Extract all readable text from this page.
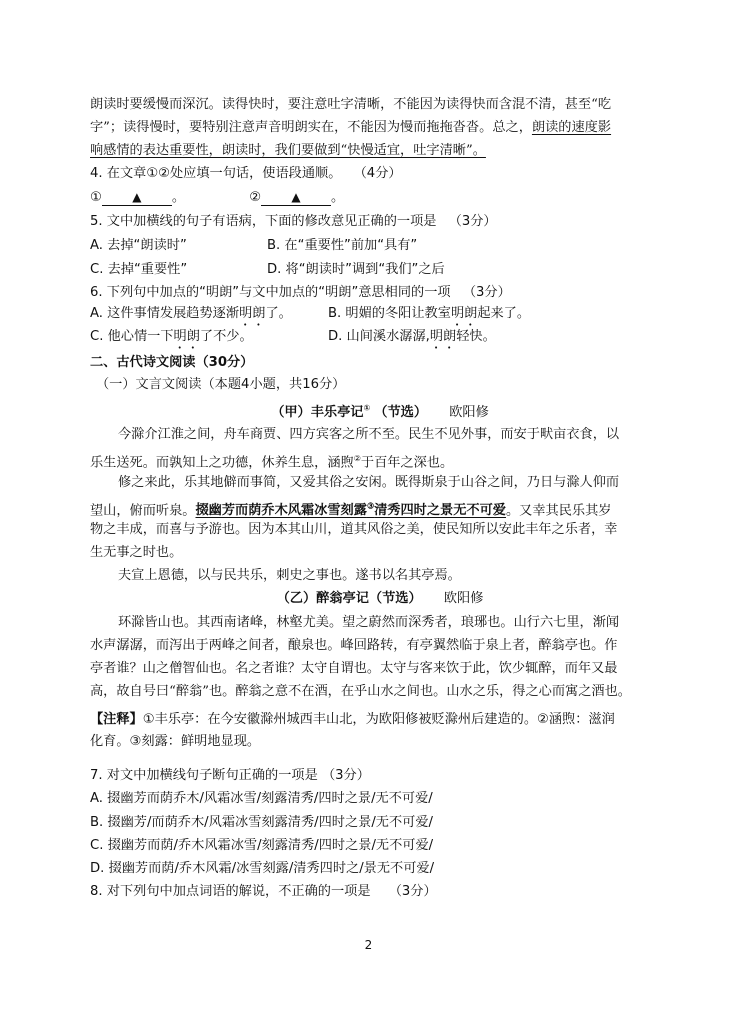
朗读时要缓慢而深沉。读得快时，要注意吐字清晰，不能因为读得快而含混不清，甚至“吃
字”；读得慢时，要特别注意声音明朗实在，不能因为慢而拖拖沓沓。总之，朗读的速度影
响感情的表达重要性，朗读时，我们要做到“快慢适宜，吐字清晰”。
4. 在文章①②处应填一句话，使语段通顺。 （4分）
①	▲ 。	②	▲ 。
5. 文中加横线的句子有语病，下面的修改意见正确的一项是 （3分）
A. 去掉“朗读时”	B. 在“重要性”前加“具有”
C. 去掉“重要性”	D. 将“朗读时”调到“我们”之后
6. 下列句中加点的“明朗”与文中加点的“明朗”意思相同的一项 （3分）
A. 这件事情发展趋势逐渐明朗了。	B. 明媚的冬阳让教室明朗起来了。
C. 他心情一下明朗了不少。	D. 山间溪水潺潺,明朗轻快。
二、古代诗文阅读（30分）
（一）文言文阅读（本题4小题，共16分）
（甲）丰乐亭记① （节选） 欧阳修
今滁介江淮之间，舟车商贾、四方宾客之所不至。民生不见外事，而安于畎亩衣食，以
乐生送死。而孰知上之功德，休养生息，涵煦②于百年之深也。
修之来此，乐其地僻而事简，又爱其俗之安闲。既得斯泉于山谷之间，乃日与滁人仰而
望山，俯而听泉。掇幽芳而荫乔木风霜冰雪刻露③清秀四时之景无不可爱。又幸其民乐其岁
物之丰成，而喜与予游也。因为本其山川，道其风俗之美，使民知所以安此丰年之乐者，幸
生无事之时也。
夫宣上恩德，以与民共乐，刺史之事也。遂书以名其亭焉。
（乙）醉翁亭记（节选） 欧阳修
环滁皆山也。其西南诸峰，林壑尤美。望之蔚然而深秀者，琅琊也。山行六七里，渐闻
水声潺潺，而泻出于两峰之间者，酿泉也。峰回路转，有亭翼然临于泉上者，醉翁亭也。作
亭者谁？山之僧智仙也。名之者谁？太守自谓也。太守与客来饮于此，饮少辄醉，而年又最
高，故自号曰“醉翁”也。醉翁之意不在酒，在乎山水之间也。山水之乐，得之心而寓之酒也。
【注释】①丰乐亭：在今安徽滁州城西丰山北，为欧阳修被贬滁州后建造的。②涵煦：滋润
化育。③刻露：鲜明地显现。
7. 对文中加横线句子断句正确的一项是 （3分）
A. 掇幽芳而荫乔木/风霜冰雪/刻露清秀/四时之景/无不可爱/
B. 掇幽芳/而荫乔木/风霜冰雪刻露清秀/四时之景/无不可爱/
C. 掇幽芳而荫/乔木风霜冰雪/刻露清秀/四时之景/无不可爱/
D. 掇幽芳而荫/乔木风霜/冰雪刻露/清秀四时之/景无不可爱/
8. 对下列句中加点词语的解说，不正确的一项是 （3分）
2
